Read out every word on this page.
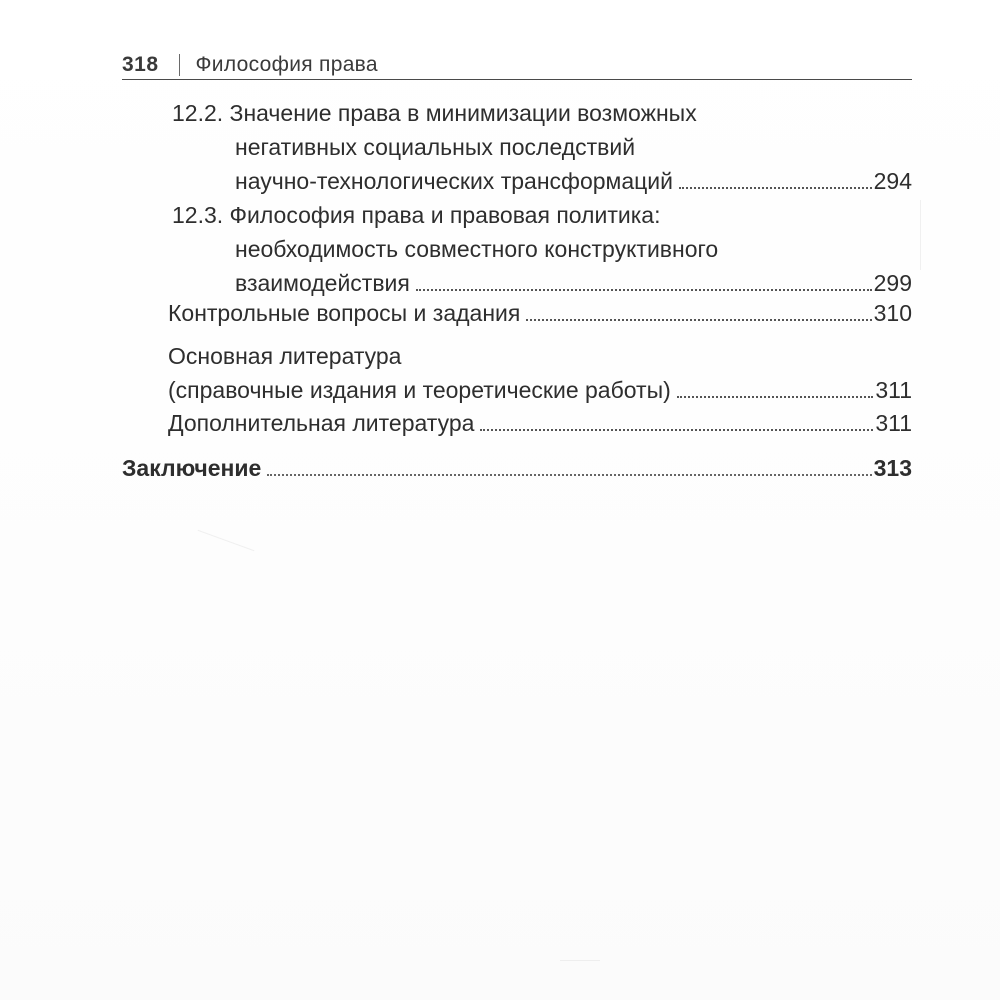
318 Философия права
12.2. Значение права в минимизации возможных
негативных социальных последствий
научно-технологических трансформаций	294
12.3. Философия права и правовая политика:
необходимость совместного конструктивного
взаимодействия	299
Контрольные вопросы и задания	310
Основная литература
(справочные издания и теоретические работы)	311
Дополнительная литература	311
Заключение	313
